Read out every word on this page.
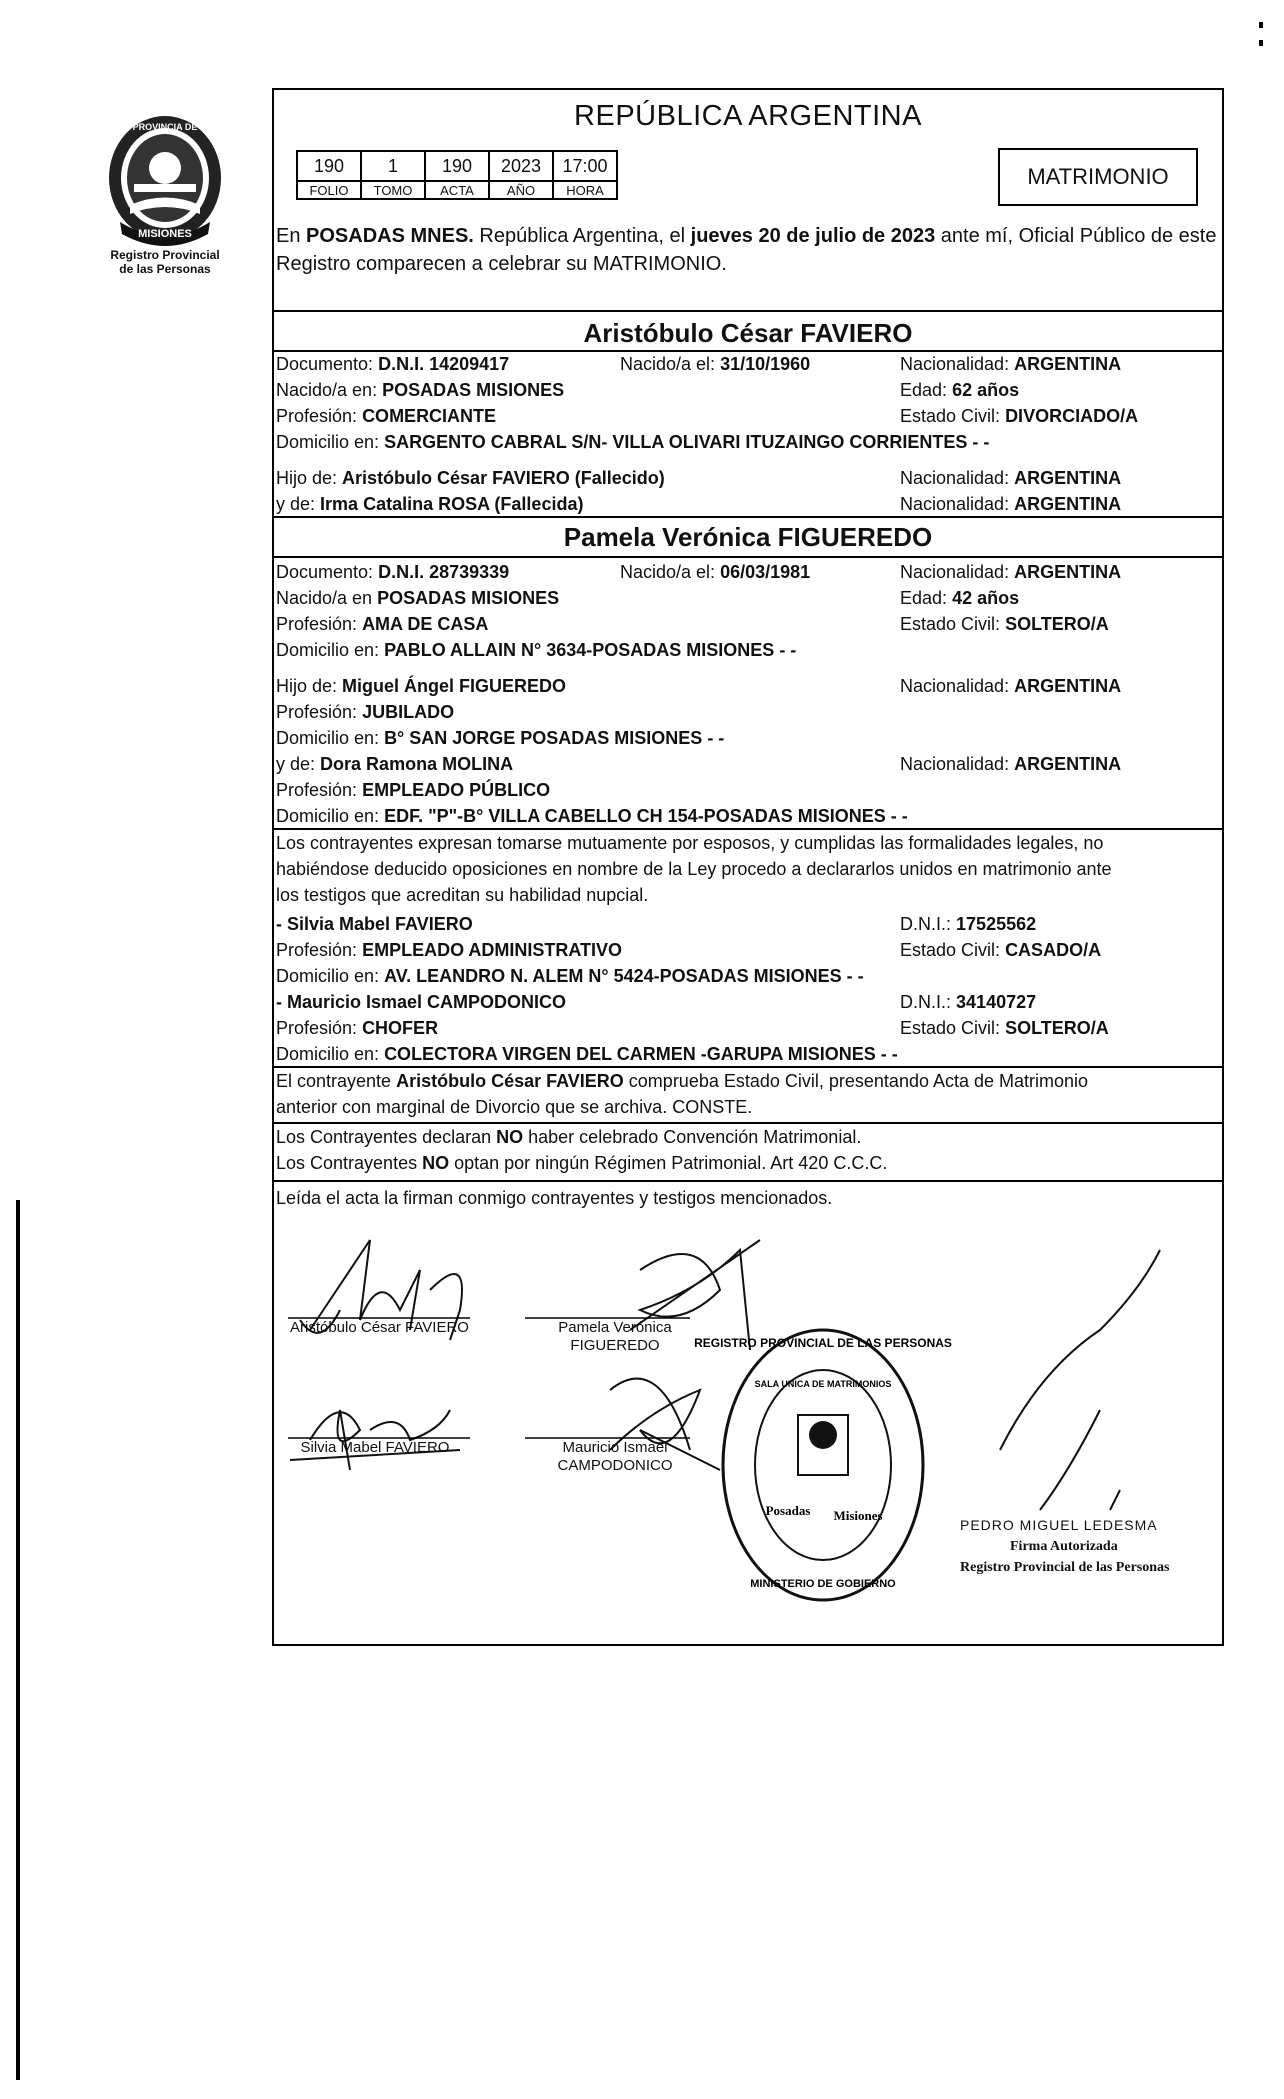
PROVINCIA DE
MISIONES
Registro Provincial
de las Personas
REPÚBLICA ARGENTINA
190	1	190	2023	17:00
FOLIO	TOMO	ACTA	AÑO	HORA
MATRIMONIO
En POSADAS MNES. República Argentina, el jueves 20 de julio de 2023 ante mí, Oficial Público de este Registro comparecen a celebrar su MATRIMONIO.
Aristóbulo César FAVIERO
Documento: D.N.I. 14209417	Nacido/a el: 31/10/1960	Nacionalidad: ARGENTINA
Nacido/a en: POSADAS MISIONES	Edad: 62 años
Profesión: COMERCIANTE	Estado Civil: DIVORCIADO/A
Domicilio en: SARGENTO CABRAL S/N- VILLA OLIVARI ITUZAINGO CORRIENTES - -
Hijo de: Aristóbulo César FAVIERO (Fallecido)	Nacionalidad: ARGENTINA
y de: Irma Catalina ROSA (Fallecida)	Nacionalidad: ARGENTINA
Pamela Verónica FIGUEREDO
Documento: D.N.I. 28739339	Nacido/a el: 06/03/1981	Nacionalidad: ARGENTINA
Nacido/a en POSADAS MISIONES	Edad: 42 años
Profesión: AMA DE CASA	Estado Civil: SOLTERO/A
Domicilio en: PABLO ALLAIN N° 3634-POSADAS MISIONES - -
Hijo de: Miguel Ángel FIGUEREDO	Nacionalidad: ARGENTINA
Profesión: JUBILADO
Domicilio en: B° SAN JORGE POSADAS MISIONES - -
y de: Dora Ramona MOLINA	Nacionalidad: ARGENTINA
Profesión: EMPLEADO PÚBLICO
Domicilio en: EDF. "P"-B° VILLA CABELLO CH 154-POSADAS MISIONES - -
Los contrayentes expresan tomarse mutuamente por esposos, y cumplidas las formalidades legales, no
habiéndose deducido oposiciones en nombre de la Ley procedo a declararlos unidos en matrimonio ante
los testigos que acreditan su habilidad nupcial.
- Silvia Mabel FAVIERO	D.N.I.: 17525562
Profesión: EMPLEADO ADMINISTRATIVO	Estado Civil: CASADO/A
Domicilio en: AV. LEANDRO N. ALEM N° 5424-POSADAS MISIONES - -
- Mauricio Ismael CAMPODONICO	D.N.I.: 34140727
Profesión: CHOFER	Estado Civil: SOLTERO/A
Domicilio en: COLECTORA VIRGEN DEL CARMEN -GARUPA MISIONES - -
El contrayente Aristóbulo César FAVIERO comprueba Estado Civil, presentando Acta de Matrimonio
anterior con marginal de Divorcio que se archiva. CONSTE.
Los Contrayentes declaran NO haber celebrado Convención Matrimonial.
Los Contrayentes NO optan por ningún Régimen Patrimonial. Art 420 C.C.C.
Leída el acta la firman conmigo contrayentes y testigos mencionados.
Aristóbulo César FAVIERO	Pamela Verónica
FIGUEREDO
Silvia Mabel FAVIERO	Mauricio Ismael
CAMPODONICO
REGISTRO PROVINCIAL DE LAS PERSONAS
SALA UNICA DE MATRIMONIOS
Posadas Misiones
MINISTERIO DE GOBIERNO
PEDRO MIGUEL LEDESMA
Firma Autorizada
Registro Provincial de las Personas
